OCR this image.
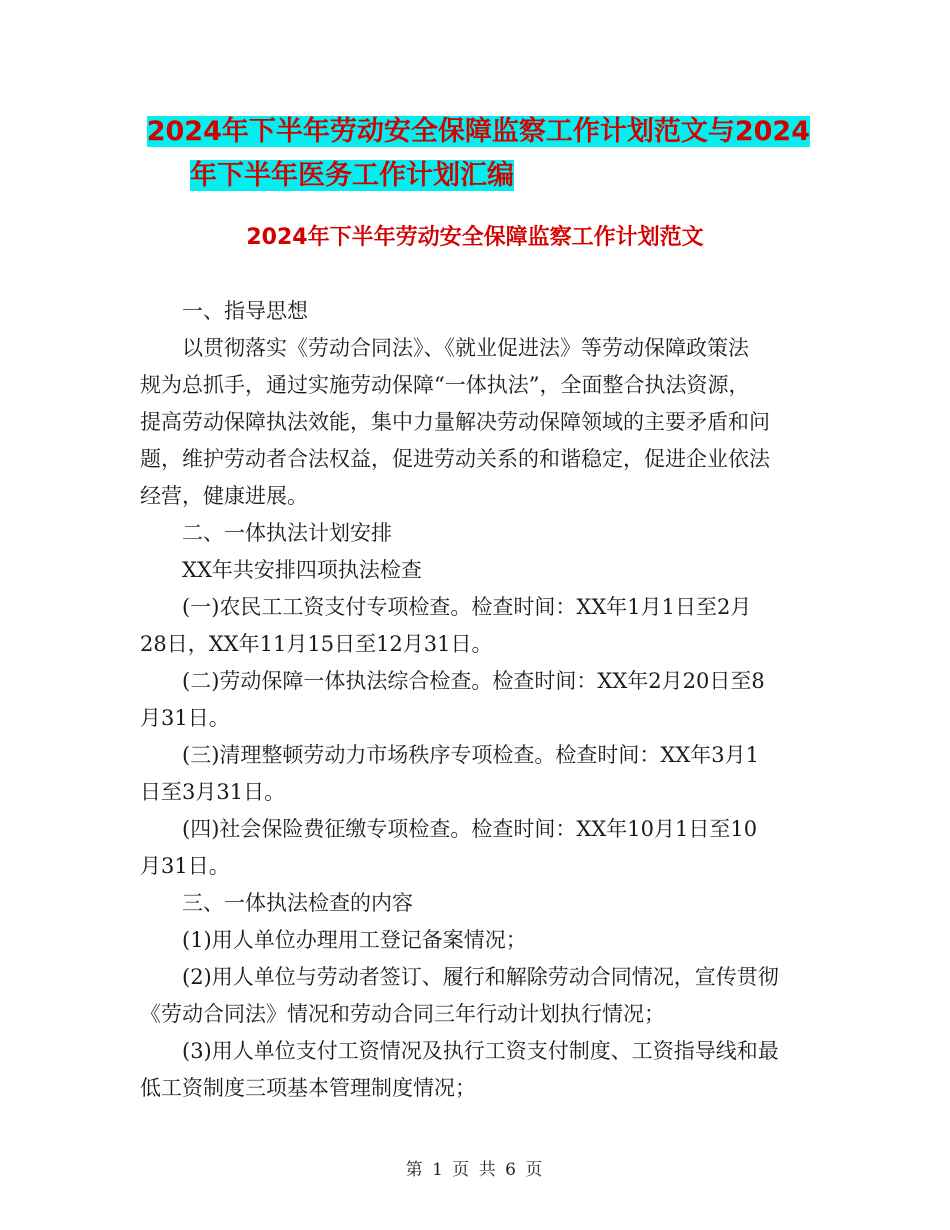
2024年下半年劳动安全保障监察工作计划范文与2024
年下半年医务工作计划汇编
2024年下半年劳动安全保障监察工作计划范文

一、指导思想

以贯彻落实《劳动合同法》、《就业促进法》等劳动保障政策法
规为总抓手，通过实施劳动保障“一体执法”，全面整合执法资源，
提高劳动保障执法效能，集中力量解决劳动保障领域的主要矛盾和问
题，维护劳动者合法权益，促进劳动关系的和谐稳定，促进企业依法
经营，健康进展。

二、一体执法计划安排

XX年共安排四项执法检查

(一)农民工工资支付专项检查。检查时间：XX年1月1日至2月
28日，XX年11月15日至12月31日。

(二)劳动保障一体执法综合检查。检查时间：XX年2月20日至8
月31日。

(三)清理整顿劳动力市场秩序专项检查。检查时间：XX年3月1
日至3月31日。

(四)社会保险费征缴专项检查。检查时间：XX年10月1日至10
月31日。

三、一体执法检查的内容

(1)用人单位办理用工登记备案情况；

(2)用人单位与劳动者签订、履行和解除劳动合同情况，宣传贯彻
《劳动合同法》情况和劳动合同三年行动计划执行情况；

(3)用人单位支付工资情况及执行工资支付制度、工资指导线和最
低工资制度三项基本管理制度情况；

第 1 页 共 6 页
